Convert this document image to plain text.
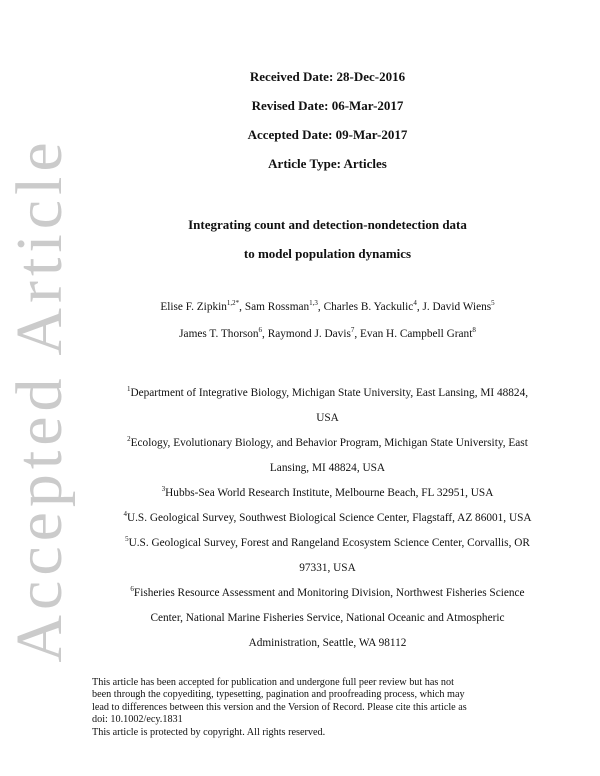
Accepted Article
Received Date: 28-Dec-2016
Revised Date: 06-Mar-2017
Accepted Date: 09-Mar-2017
Article Type: Articles
Integrating count and detection-nondetection data
to model population dynamics
Elise F. Zipkin$^{1,2*}$, Sam Rossman$^{1,3}$, Charles B. Yackulic$^4$, J. David Wiens$^5$
James T. Thorson$^6$, Raymond J. Davis$^7$, Evan H. Campbell Grant$^8$
$^1$Department of Integrative Biology, Michigan State University, East Lansing, MI 48824,
USA
$^2$Ecology, Evolutionary Biology, and Behavior Program, Michigan State University, East
Lansing, MI 48824, USA
$^3$Hubbs-Sea World Research Institute, Melbourne Beach, FL 32951, USA
$^4$U.S. Geological Survey, Southwest Biological Science Center, Flagstaff, AZ 86001, USA
$^5$U.S. Geological Survey, Forest and Rangeland Ecosystem Science Center, Corvallis, OR
97331, USA
$^6$Fisheries Resource Assessment and Monitoring Division, Northwest Fisheries Science
Center, National Marine Fisheries Service, National Oceanic and Atmospheric
Administration, Seattle, WA 98112
This article has been accepted for publication and undergone full peer review but has not
been through the copyediting, typesetting, pagination and proofreading process, which may
lead to differences between this version and the Version of Record. Please cite this article as
doi: 10.1002/ecy.1831
This article is protected by copyright. All rights reserved.
